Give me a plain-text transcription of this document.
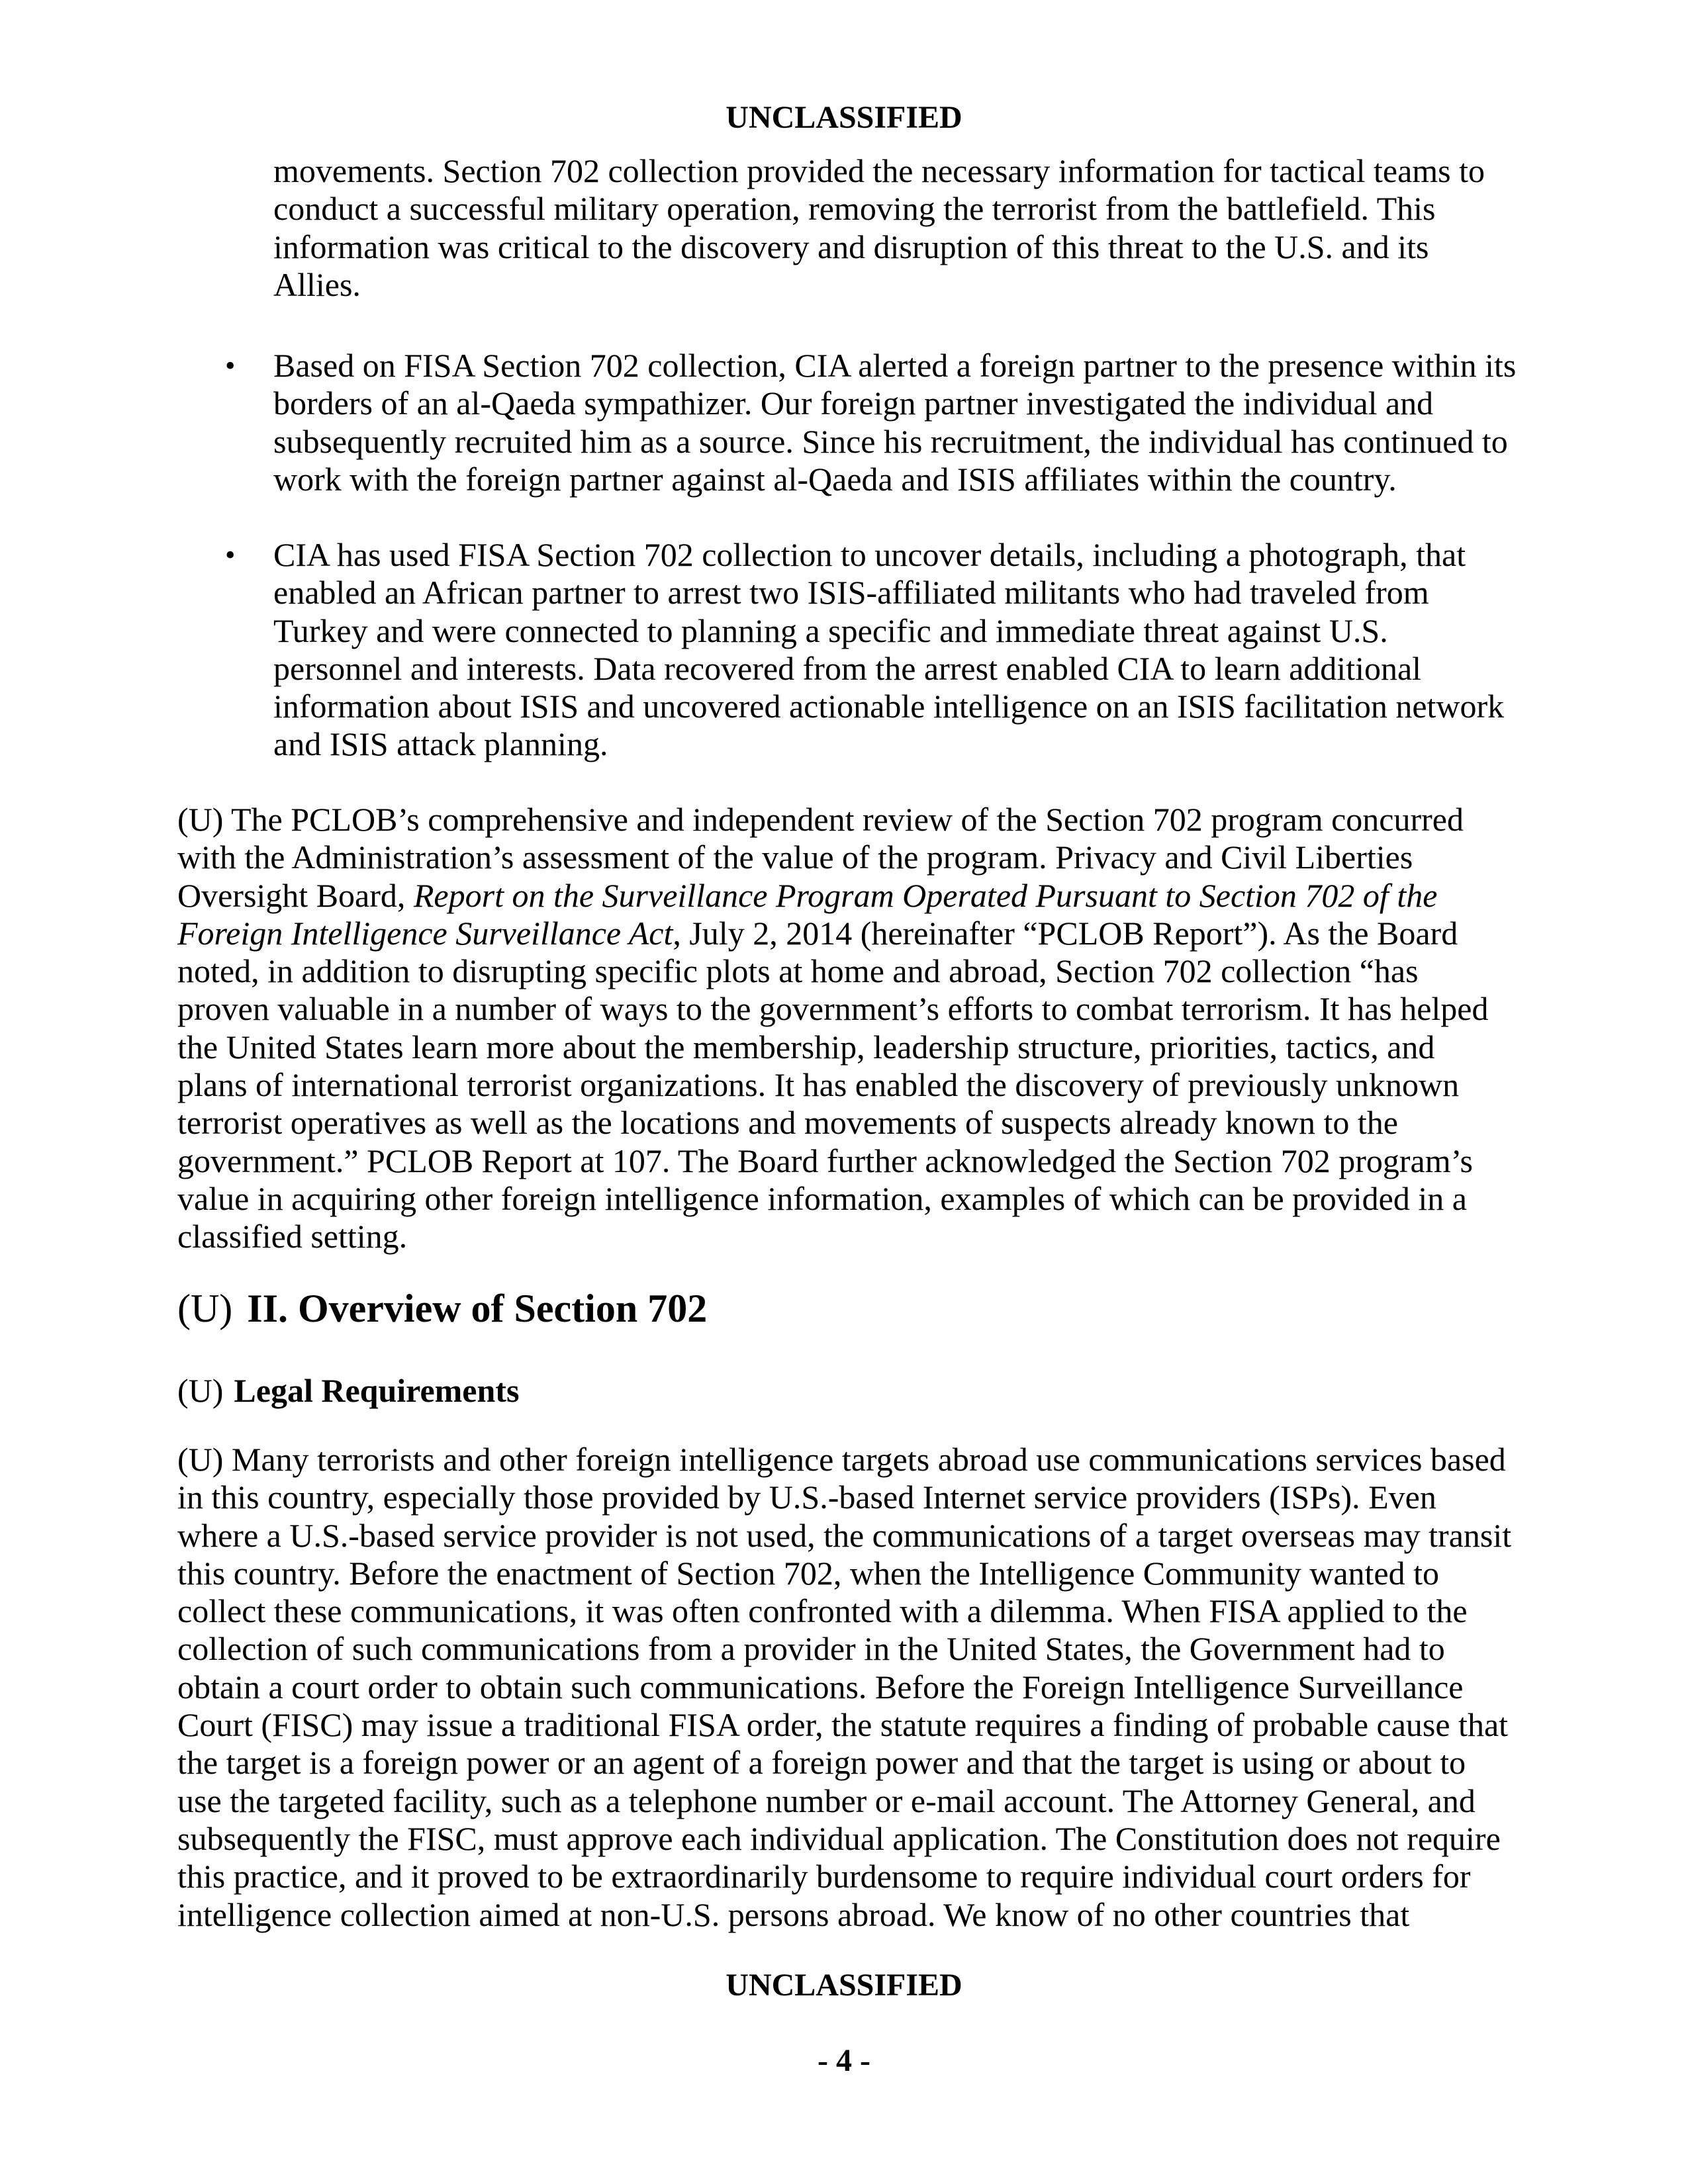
UNCLASSIFIED
movements. Section 702 collection provided the necessary information for tactical teams to
conduct a successful military operation, removing the terrorist from the battlefield. This
information was critical to the discovery and disruption of this threat to the U.S. and its
Allies.
• Based on FISA Section 702 collection, CIA alerted a foreign partner to the presence within its
borders of an al-Qaeda sympathizer. Our foreign partner investigated the individual and
subsequently recruited him as a source. Since his recruitment, the individual has continued to
work with the foreign partner against al-Qaeda and ISIS affiliates within the country.
• CIA has used FISA Section 702 collection to uncover details, including a photograph, that
enabled an African partner to arrest two ISIS-affiliated militants who had traveled from
Turkey and were connected to planning a specific and immediate threat against U.S.
personnel and interests. Data recovered from the arrest enabled CIA to learn additional
information about ISIS and uncovered actionable intelligence on an ISIS facilitation network
and ISIS attack planning.
(U) The PCLOB’s comprehensive and independent review of the Section 702 program concurred
with the Administration’s assessment of the value of the program. Privacy and Civil Liberties
Oversight Board, Report on the Surveillance Program Operated Pursuant to Section 702 of the
Foreign Intelligence Surveillance Act, July 2, 2014 (hereinafter “PCLOB Report”). As the Board
noted, in addition to disrupting specific plots at home and abroad, Section 702 collection “has
proven valuable in a number of ways to the government’s efforts to combat terrorism. It has helped
the United States learn more about the membership, leadership structure, priorities, tactics, and
plans of international terrorist organizations. It has enabled the discovery of previously unknown
terrorist operatives as well as the locations and movements of suspects already known to the
government.” PCLOB Report at 107. The Board further acknowledged the Section 702 program’s
value in acquiring other foreign intelligence information, examples of which can be provided in a
classified setting.
(U) II. Overview of Section 702
(U) Legal Requirements
(U) Many terrorists and other foreign intelligence targets abroad use communications services based
in this country, especially those provided by U.S.-based Internet service providers (ISPs). Even
where a U.S.-based service provider is not used, the communications of a target overseas may transit
this country. Before the enactment of Section 702, when the Intelligence Community wanted to
collect these communications, it was often confronted with a dilemma. When FISA applied to the
collection of such communications from a provider in the United States, the Government had to
obtain a court order to obtain such communications. Before the Foreign Intelligence Surveillance
Court (FISC) may issue a traditional FISA order, the statute requires a finding of probable cause that
the target is a foreign power or an agent of a foreign power and that the target is using or about to
use the targeted facility, such as a telephone number or e-mail account. The Attorney General, and
subsequently the FISC, must approve each individual application. The Constitution does not require
this practice, and it proved to be extraordinarily burdensome to require individual court orders for
intelligence collection aimed at non-U.S. persons abroad. We know of no other countries that
UNCLASSIFIED
- 4 -
